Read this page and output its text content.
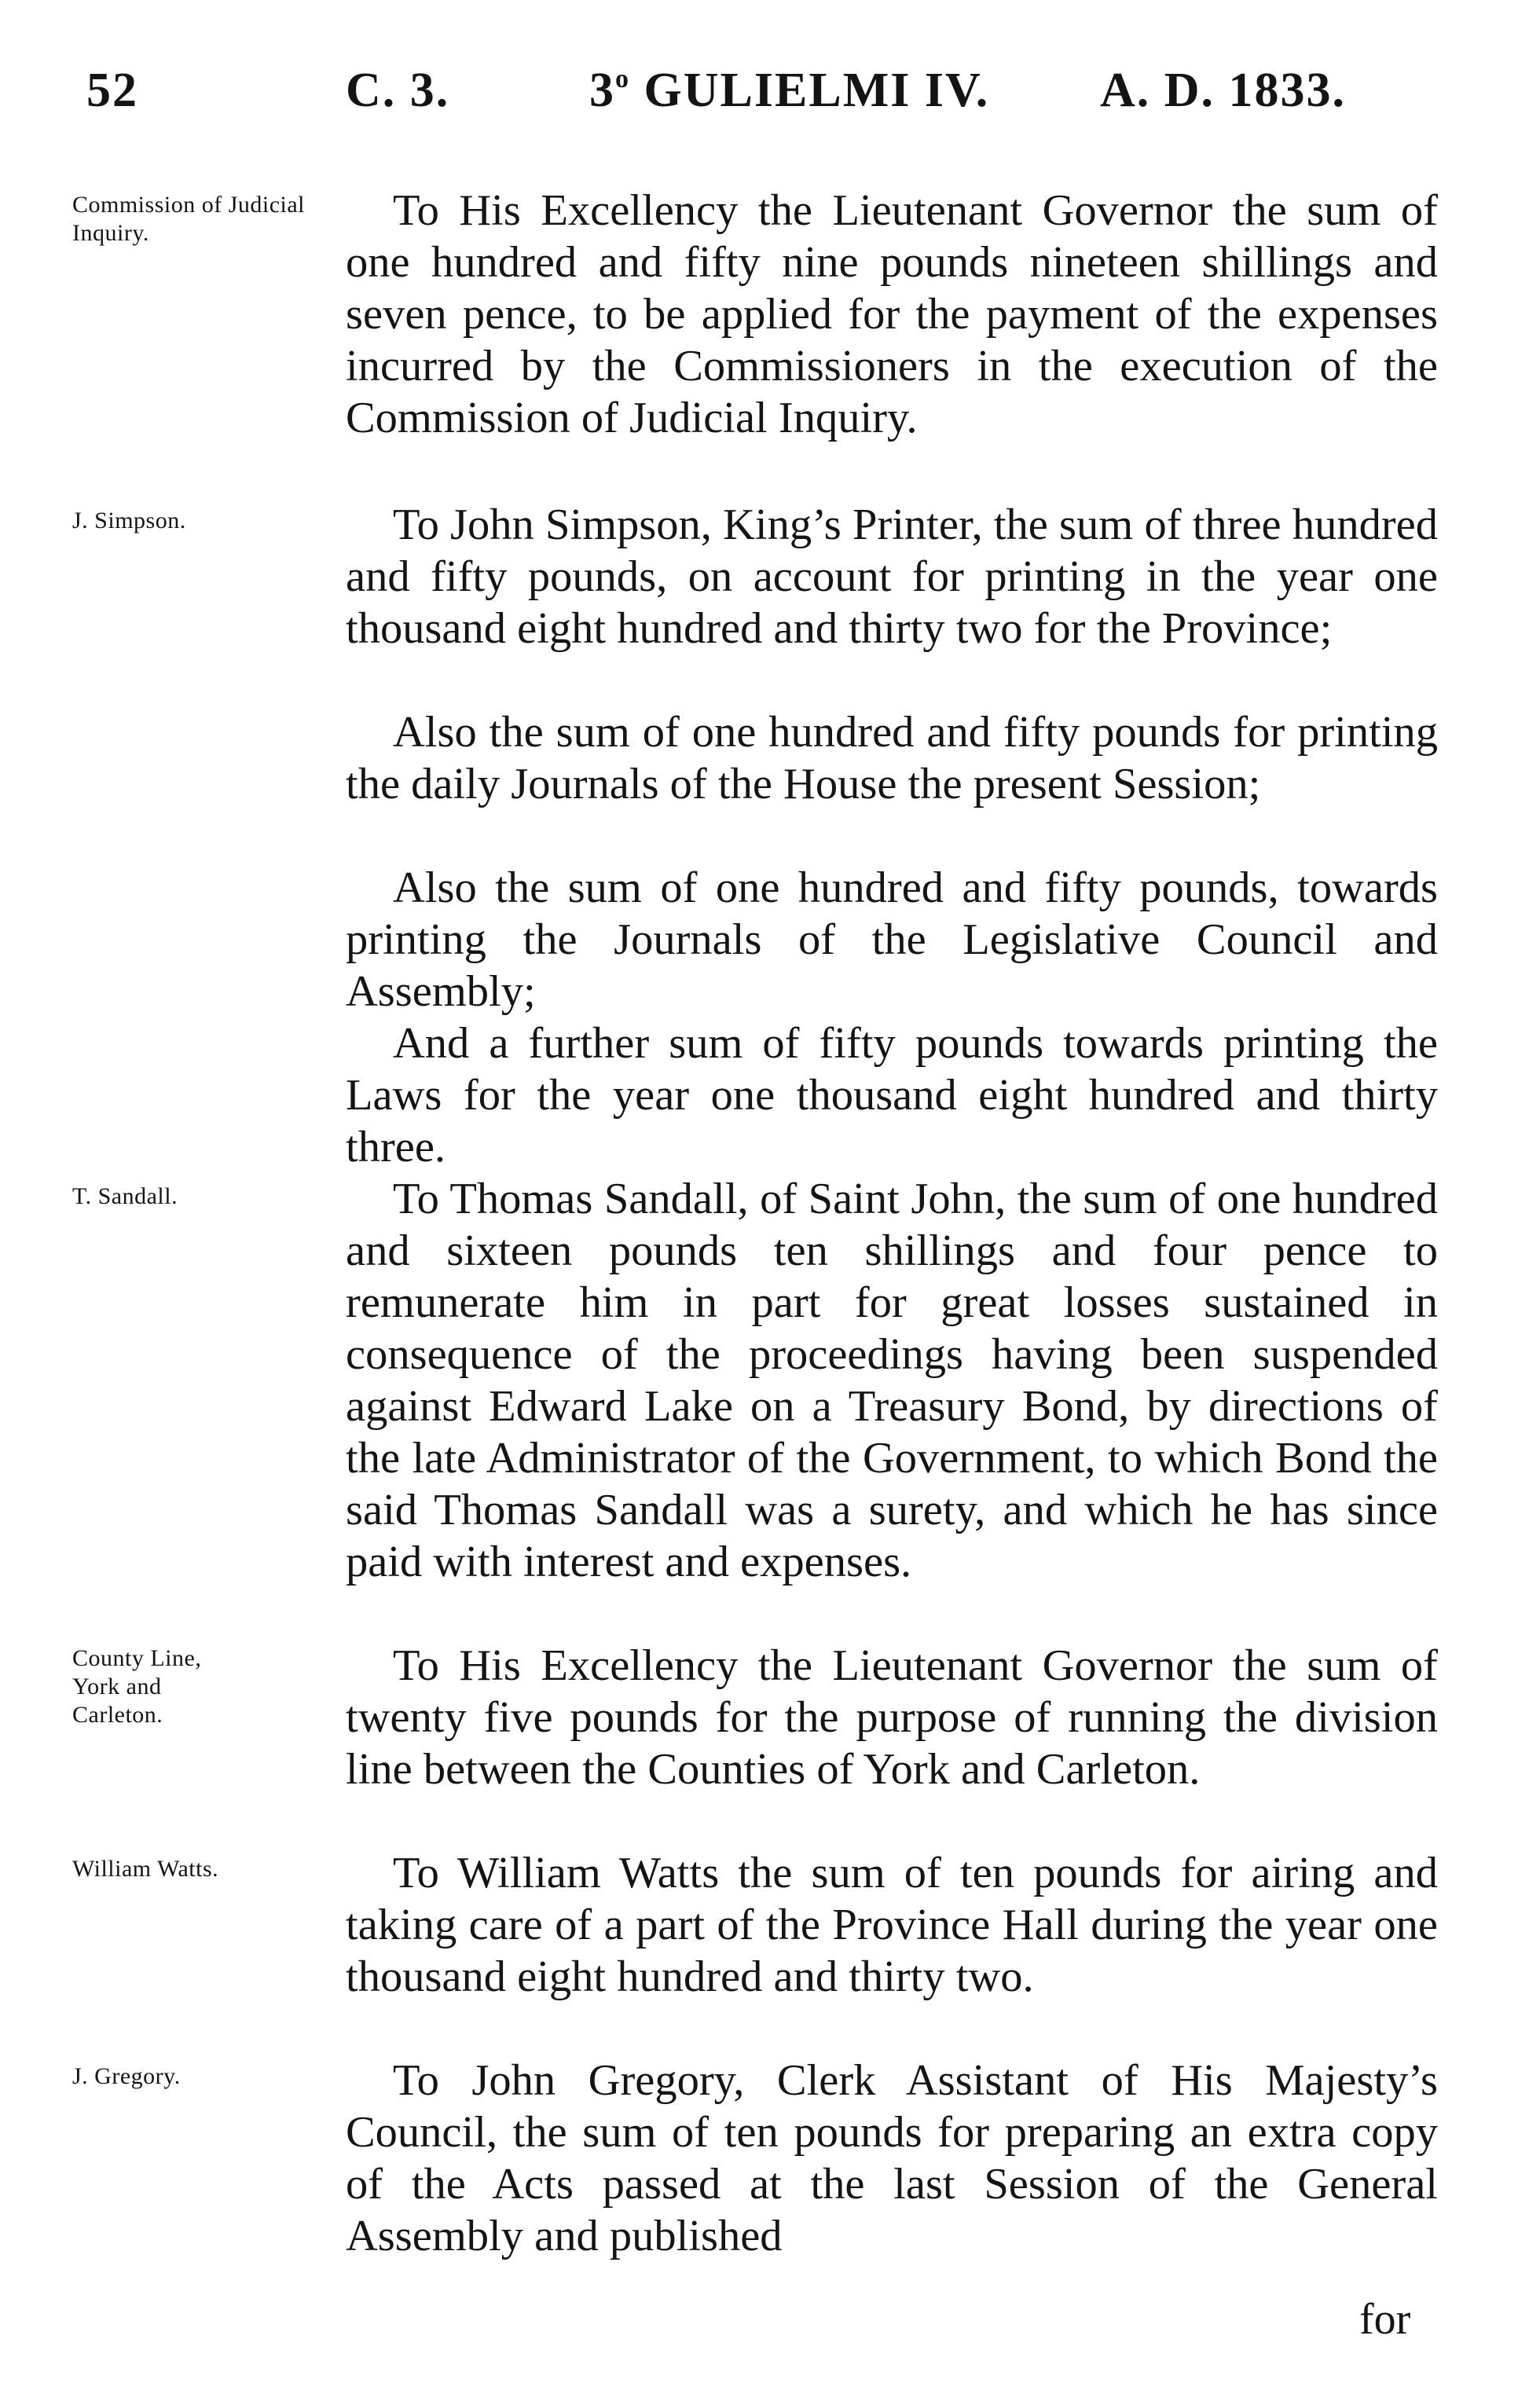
52	C. 3.	3$^o$ GULIELMI IV. A. D. 1833.
Commission of Judicial Inquiry.	To His Excellency the Lieutenant Governor the sum of one hundred and fifty nine pounds nineteen shillings and seven pence, to be applied for the payment of the expenses incurred by the Commissioners in the execution of the Commission of Judicial Inquiry.

J. Simpson.	To John Simpson, King’s Printer, the sum of three hundred and fifty pounds, on account for printing in the year one thousand eight hundred and thirty two for the Province;

Also the sum of one hundred and fifty pounds for printing the daily Journals of the House the present Session;

Also the sum of one hundred and fifty pounds, towards printing the Journals of the Legislative Council and Assembly;

And a further sum of fifty pounds towards printing the Laws for the year one thousand eight hundred and thirty three.

T. Sandall.	To Thomas Sandall, of Saint John, the sum of one hundred and sixteen pounds ten shillings and four pence to remunerate him in part for great losses sustained in consequence of the proceedings having been suspended against Edward Lake on a Treasury Bond, by directions of the late Administrator of the Government, to which Bond the said Thomas Sandall was a surety, and which he has since paid with interest and expenses.

County Line, York and Carleton.

To His Excellency the Lieutenant Governor the sum of twenty five pounds for the purpose of running the division line between the Counties of York and Carleton.

William Watts.	To William Watts the sum of ten pounds for airing and taking care of a part of the Province Hall during the year one thousand eight hundred and thirty two.

J. Gregory.	To John Gregory, Clerk Assistant of His Majesty’s Council, the sum of ten pounds for preparing an extra copy of the Acts passed at the last Session of the General Assembly and published

for
